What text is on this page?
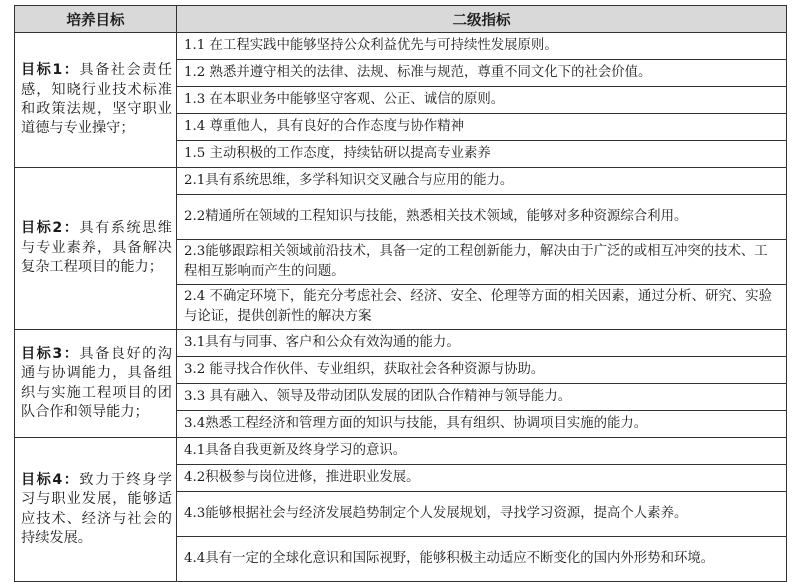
培养目标	二级指标
目标1：具备社会责任感，知晓行业技术标准和政策法规，坚守职业道德与专业操守；	1.1 在工程实践中能够坚持公众利益优先与可持续性发展原则。
	1.2 熟悉并遵守相关的法律、法规、标准与规范，尊重不同文化下的社会价值。
	1.3 在本职业务中能够坚守客观、公正、诚信的原则。
	1.4 尊重他人，具有良好的合作态度与协作精神
	1.5 主动积极的工作态度，持续钻研以提高专业素养
目标2：具有系统思维与专业素养，具备解决复杂工程项目的能力；	2.1具有系统思维，多学科知识交叉融合与应用的能力。
	2.2精通所在领域的工程知识与技能，熟悉相关技术领域，能够对多种资源综合利用。
	2.3能够跟踪相关领域前沿技术，具备一定的工程创新能力，解决由于广泛的或相互冲突的技术、工程相互影响而产生的问题。
	2.4 不确定环境下，能充分考虑社会、经济、安全、伦理等方面的相关因素，通过分析、研究、实验与论证，提供创新性的解决方案
目标3：具备良好的沟通与协调能力，具备组织与实施工程项目的团队合作和领导能力；	3.1具有与同事、客户和公众有效沟通的能力。
	3.2 能寻找合作伙伴、专业组织，获取社会各种资源与协助。
	3.3 具有融入、领导及带动团队发展的团队合作精神与领导能力。
	3.4熟悉工程经济和管理方面的知识与技能，具有组织、协调项目实施的能力。
目标4：致力于终身学习与职业发展，能够适应技术、经济与社会的持续发展。	4.1具备自我更新及终身学习的意识。
	4.2积极参与岗位进修，推进职业发展。
	4.3能够根据社会与经济发展趋势制定个人发展规划，寻找学习资源，提高个人素养。
	4.4具有一定的全球化意识和国际视野，能够积极主动适应不断变化的国内外形势和环境。
